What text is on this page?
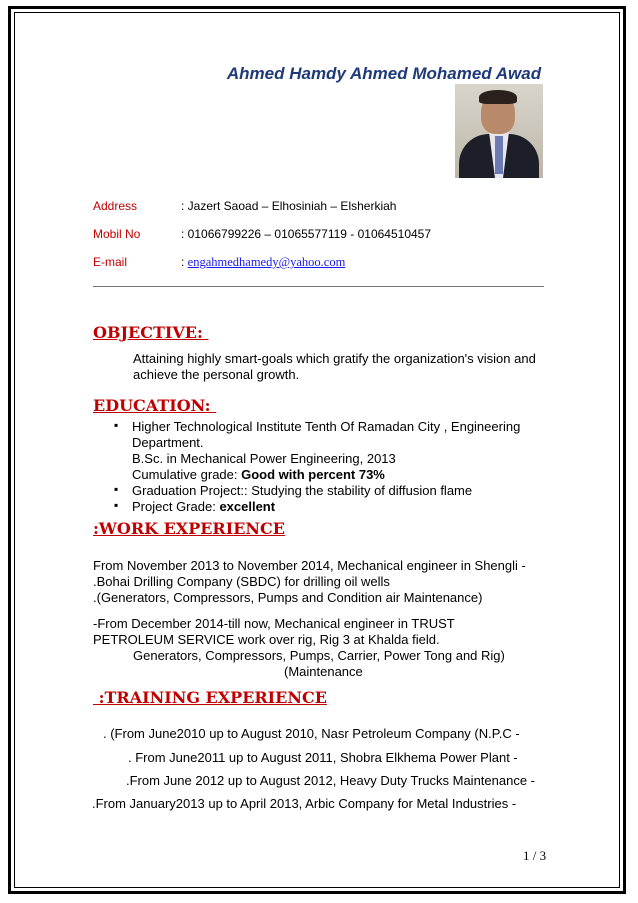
Ahmed Hamdy Ahmed Mohamed Awad
Address	: Jazert Saoad – Elhosiniah – Elsherkiah
Mobil No	: 01066799226 – 01065577119 - 01064510457
E-mail	: engahmedhamedy@yahoo.com
OBJECTIVE:
Attaining highly smart-goals which gratify the organization's vision and
achieve the personal growth.
EDUCATION:
▪ Higher Technological Institute Tenth Of Ramadan City , Engineering
Department.
B.Sc. in Mechanical Power Engineering, 2013
Cumulative grade: Good with percent 73%
▪ Graduation Project:: Studying the stability of diffusion flame
▪ Project Grade: excellent
:WORK EXPERIENCE
From November 2013 to November 2014, Mechanical engineer in Shengli -
.Bohai Drilling Company (SBDC) for drilling oil wells
.(Generators, Compressors, Pumps and Condition air Maintenance)
-From December 2014-till now, Mechanical engineer in TRUST
PETROLEUM SERVICE work over rig, Rig 3 at Khalda field.
Generators, Compressors, Pumps, Carrier, Power Tong and Rig)
(Maintenance
:TRAINING EXPERIENCE
. (From June2010 up to August 2010, Nasr Petroleum Company (N.P.C -
. From June2011 up to August 2011, Shobra Elkhema Power Plant -
.From June 2012 up to August 2012, Heavy Duty Trucks Maintenance -
.From January2013 up to April 2013, Arbic Company for Metal Industries -
1 / 3
